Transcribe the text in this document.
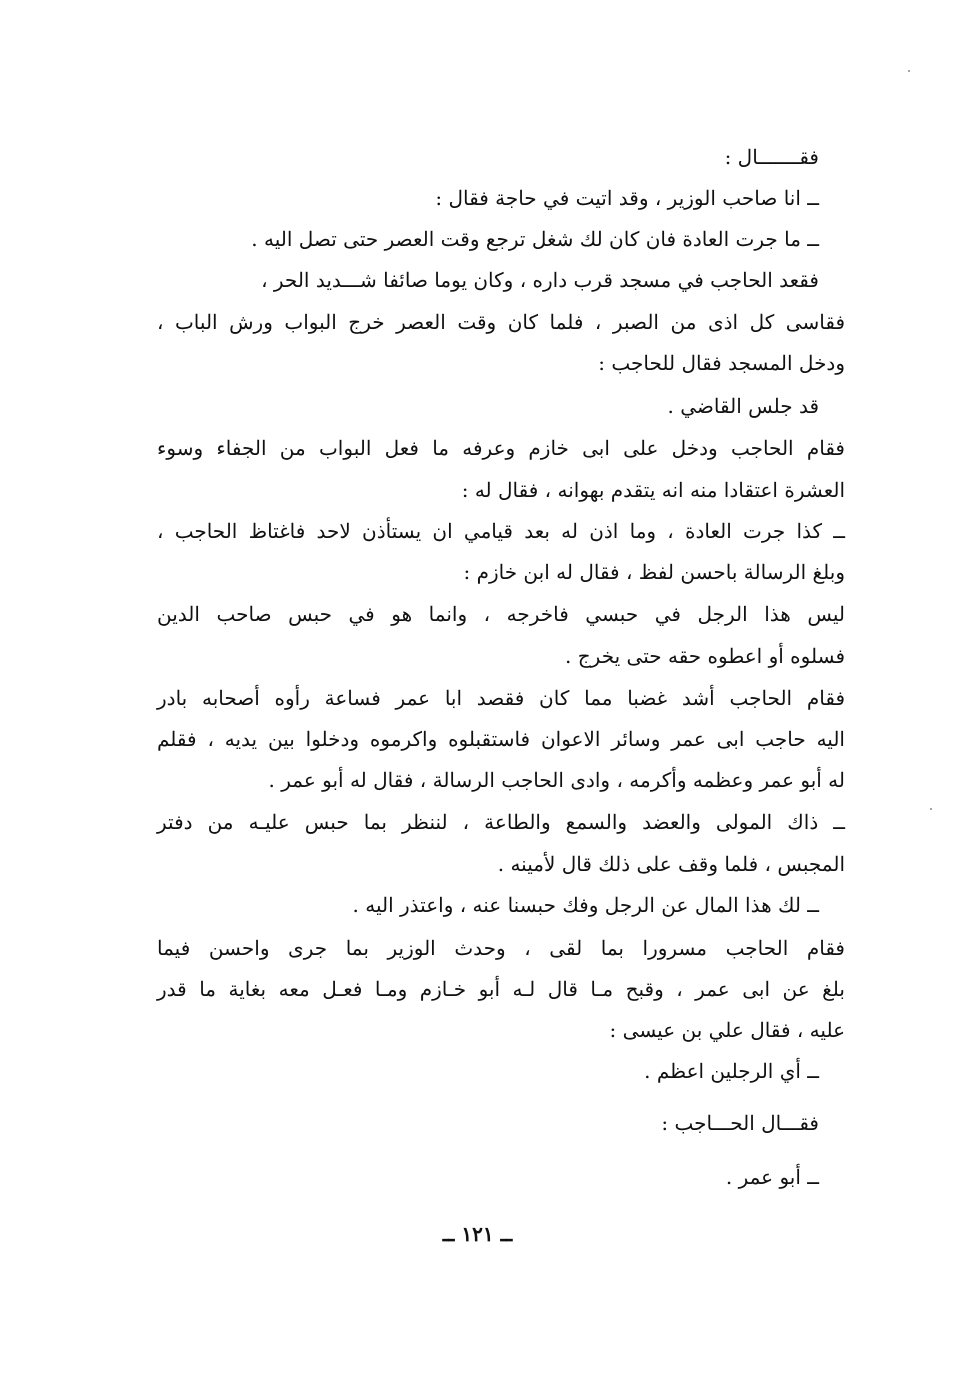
فقـــــــال :

ــ انا صاحب الوزير ، وقد اتيت في حاجة فقال :

ــ ما جرت العادة فان كان لك شغل ترجع وقت العصر حتى تصل اليه .

فقعد الحاجب في مسجد قرب داره ، وكان يوما صائفا شـــديد الحر ،

فقاسى كل اذى من الصبر ، فلما كان وقت العصر خرج البواب ورش الباب ،

ودخل المسجد فقال للحاجب :

قد جلس القاضي .

فقام الحاجب ودخل على ابى خازم وعرفه ما فعل البواب من الجفاء وسوء

العشرة اعتقادا منه انه يتقدم بهوانه ، فقال له :

ــ كذا جرت العادة ، وما اذن له بعد قيامي ان يستأذن لاحد فاغتاظ الحاجب ،

وبلغ الرسالة باحسن لفظ ، فقال له ابن خازم :

ليس هذا الرجل في حبسي فاخرجه ، وانما هو في حبس صاحب الدين

فسلوه أو اعطوه حقه حتى يخرج .

فقام الحاجب أشد غضبا مما كان فقصد ابا عمر فساعة رأوه أصحابه بادر

اليه حاجب ابى عمر وسائر الاعوان فاستقبلوه واكرموه ودخلوا بين يديه ، فقلم

له أبو عمر وعظمه وأكرمه ، وادى الحاجب الرسالة ، فقال له أبو عمر .

ــ ذاك المولى والعضد والسمع والطاعة ، لننظر بما حبس عليـه من دفتر

المجبس ، فلما وقف على ذلك قال لأمينه .

ــ لك هذا المال عن الرجل وفك حبسنا عنه ، واعتذر اليه .

فقام الحاجب مسرورا بما لقى ، وحدث الوزير بما جرى واحسن فيما

بلغ عن ابى عمر ، وقبح مـا قال لـه أبو خـازم ومـا فعـل معه بغاية ما قدر

عليه ، فقال علي بن عيسى :

ــ أي الرجلين اعظم .

فقـــال الحـــاجب :

ــ أبو عمر .

ــ ١٢١ ــ
